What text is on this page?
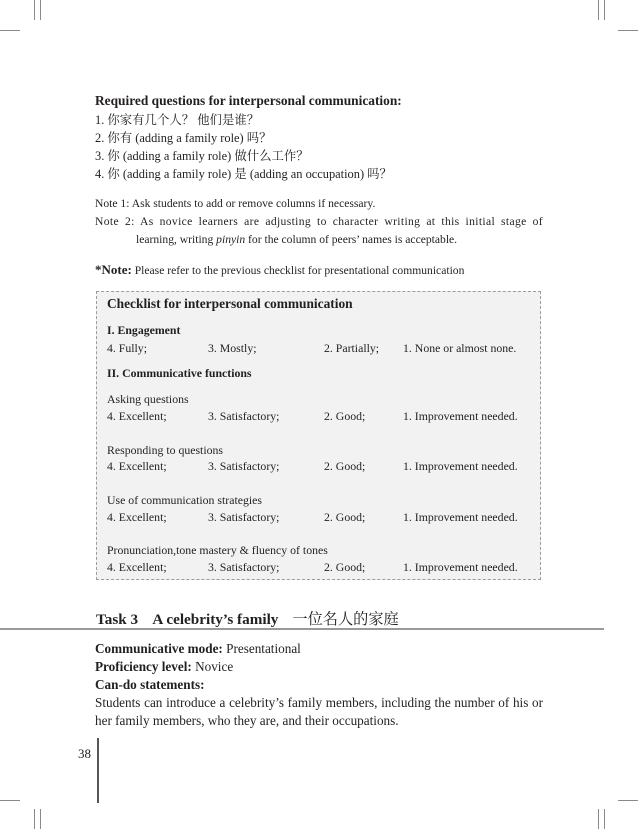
Required questions for interpersonal communication:
1. 你家有几个人？ 他们是谁？
2. 你有 (adding a family role) 吗？
3. 你 (adding a family role) 做什么工作？
4. 你 (adding a family role) 是 (adding an occupation) 吗？
Note 1: Ask students to add or remove columns if necessary.
Note 2: As novice learners are adjusting to character writing at this initial stage of
learning, writing pinyin for the column of peers’ names is acceptable.
*Note: Please refer to the previous checklist for presentational communication
Checklist for interpersonal communication
I. Engagement
4. Fully;	3. Mostly;	2. Partially; 1. None or almost none.
II. Communicative functions
Asking questions
4. Excellent;	3. Satisfactory;	2. Good;	1. Improvement needed.
Responding to questions
4. Excellent;	3. Satisfactory;	2. Good;	1. Improvement needed.
Use of communication strategies
4. Excellent;	3. Satisfactory;	2. Good;	1. Improvement needed.
Pronunciation,tone mastery & fluency of tones
4. Excellent;	3. Satisfactory;	2. Good;	1. Improvement needed.
Task 3    A celebrity’s family 一位名人的家庭
Communicative mode: Presentational
Proficiency level: Novice
Can-do statements:
Students can introduce a celebrity’s family members, including the number of his or her family members, who they are, and their occupations.
38
